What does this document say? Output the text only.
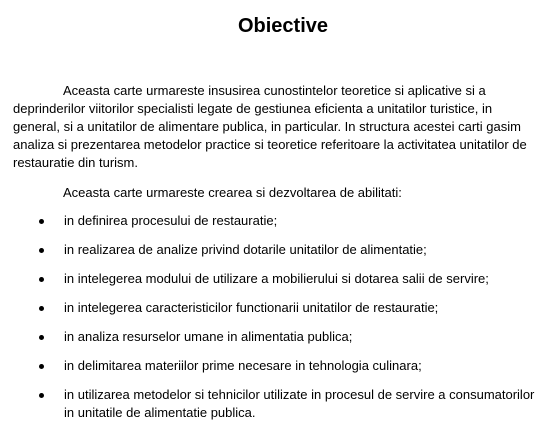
Obiective

Aceasta carte urmareste insusirea cunostintelor teoretice si aplicative si a deprinderilor viitorilor specialisti legate de gestiunea eficienta a unitatilor turistice, in general, si a unitatilor de alimentare publica, in particular. In structura acestei carti gasim analiza si prezentarea metodelor practice si teoretice referitoare la activitatea unitatilor de restauratie din turism.

Aceasta carte urmareste crearea si dezvoltarea de abilitati:

in definirea procesului de restauratie;
in realizarea de analize privind dotarile unitatilor de alimentatie;
in intelegerea modului de utilizare a mobilierului si dotarea salii de servire;
in intelegerea caracteristicilor functionarii unitatilor de restauratie;
in analiza resurselor umane in alimentatia publica;
in delimitarea materiilor prime necesare in tehnologia culinara;
in utilizarea metodelor si tehnicilor utilizate in procesul de servire a consumatorilor in unitatile de alimentatie publica.
